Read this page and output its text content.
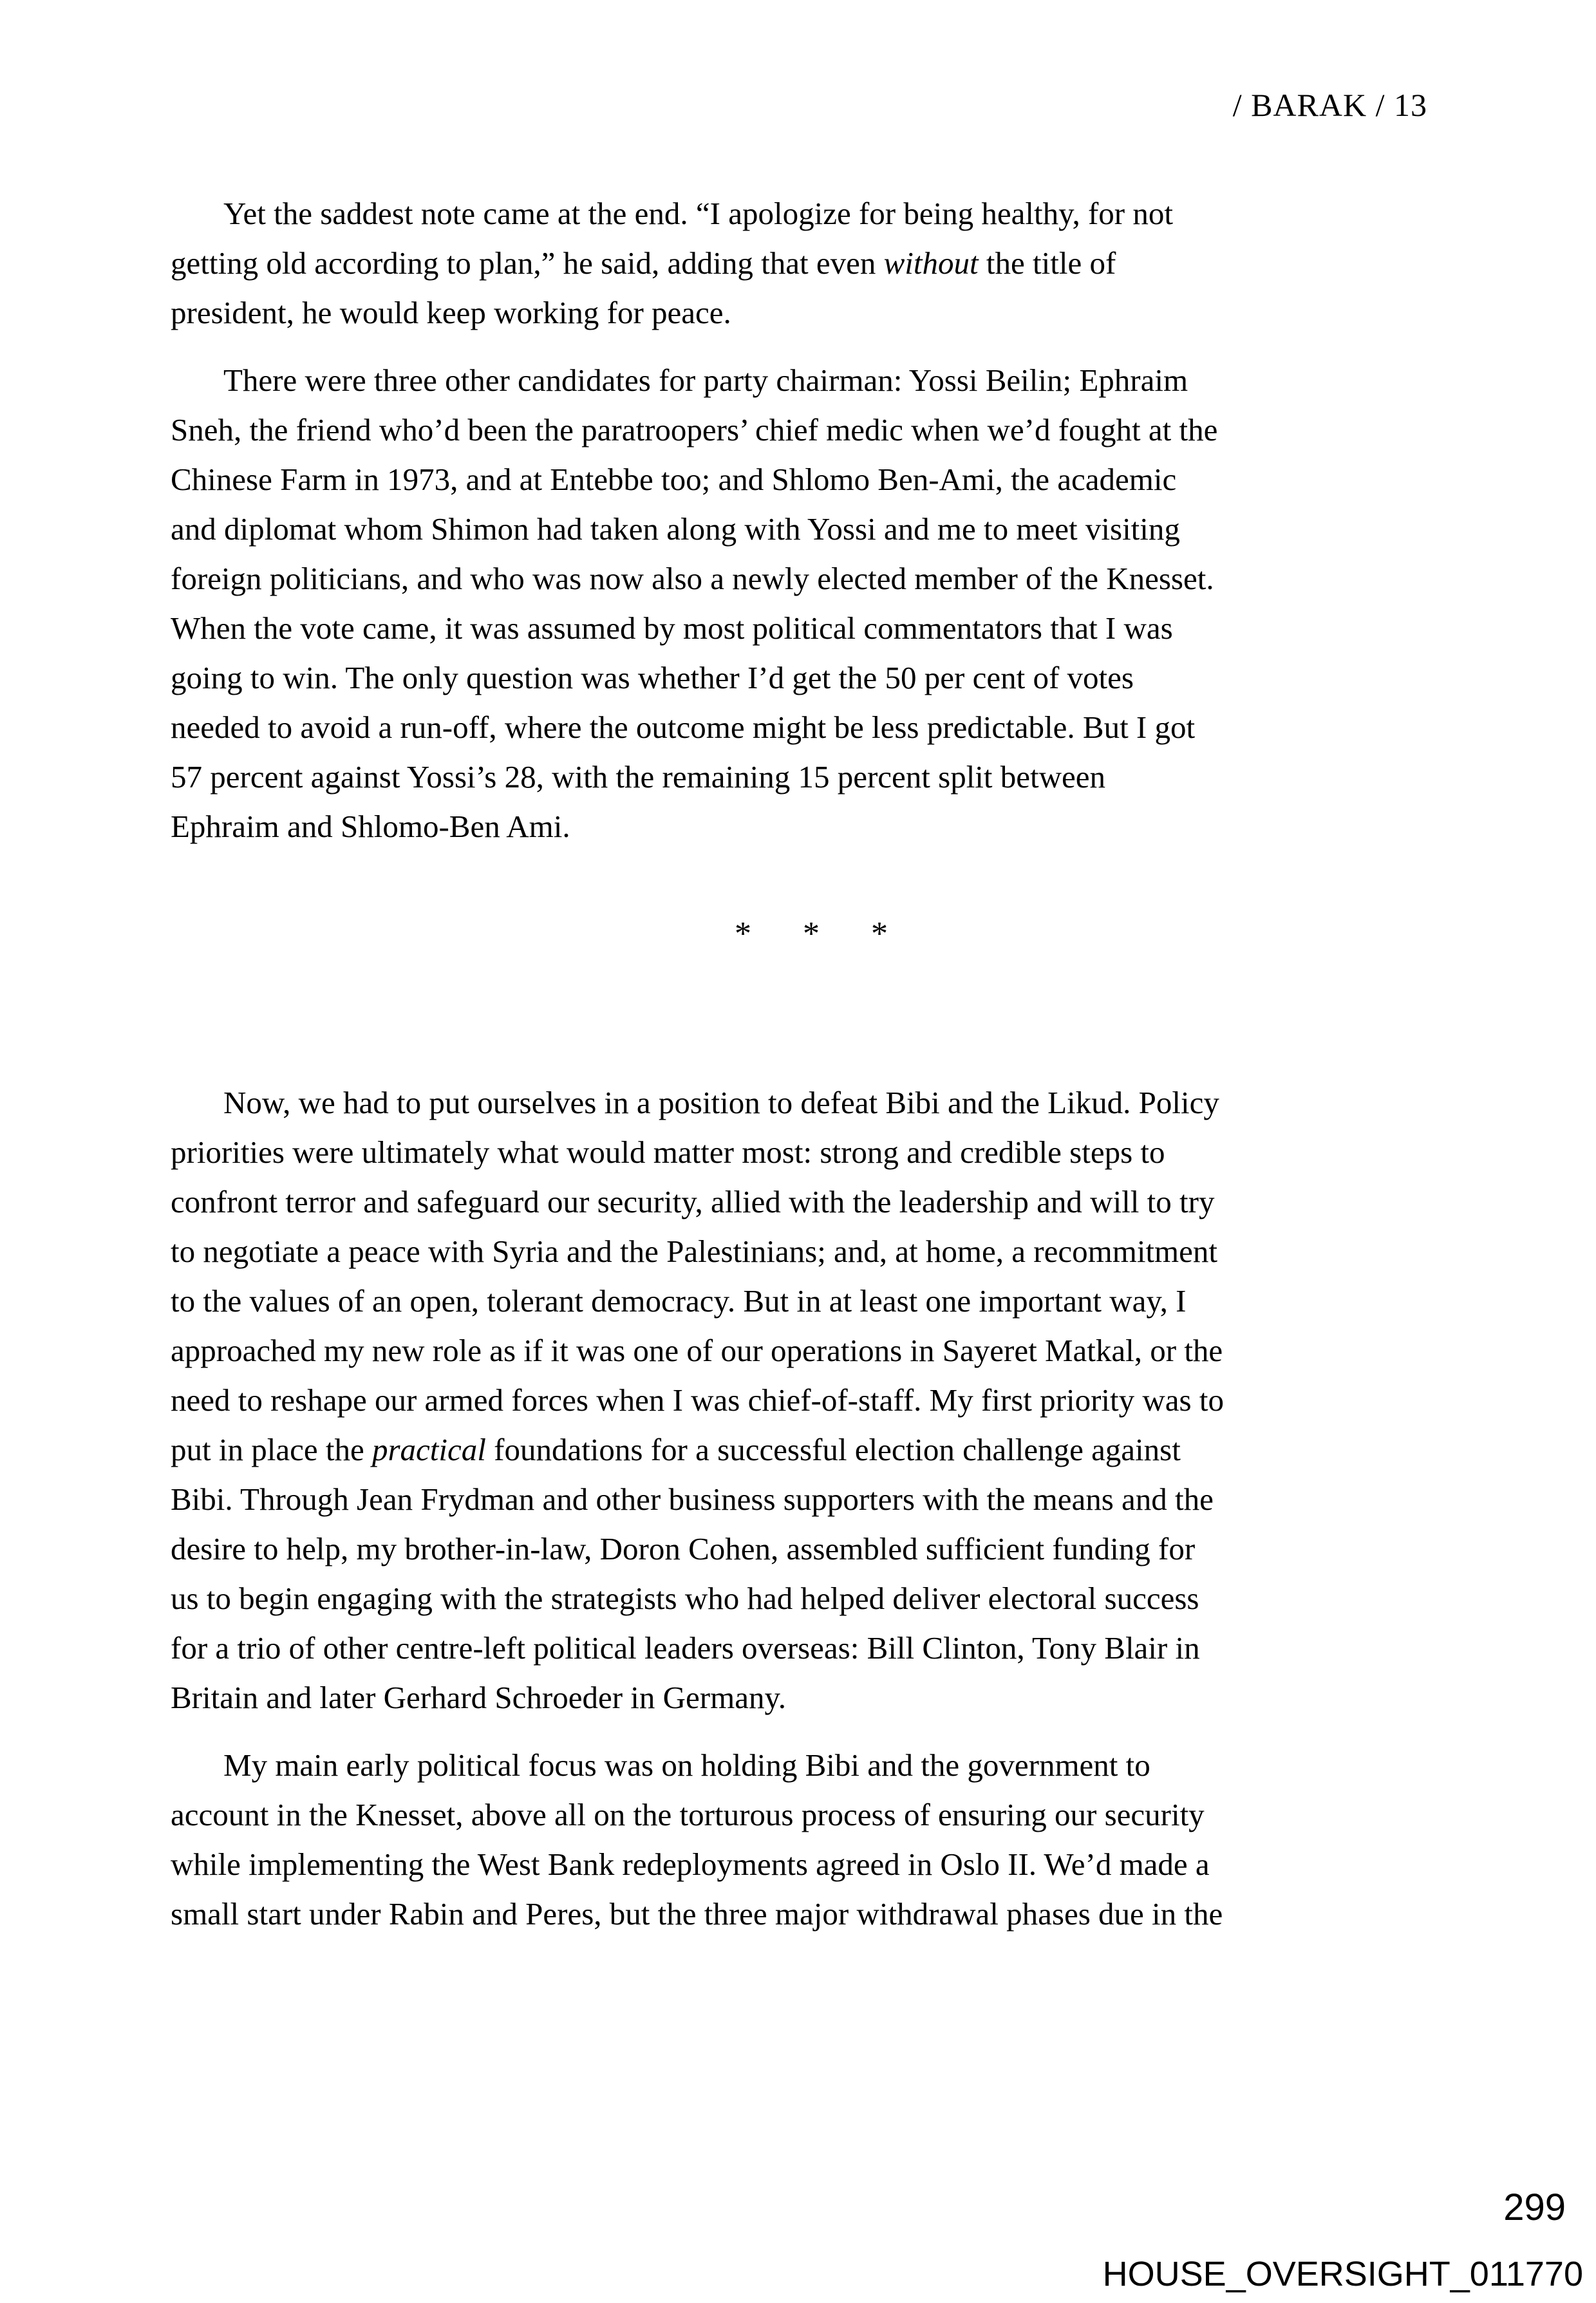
/ BARAK / 13

Yet the saddest note came at the end. “I apologize for being healthy, for not
getting old according to plan,” he said, adding that even without the title of
president, he would keep working for peace.

There were three other candidates for party chairman: Yossi Beilin; Ephraim
Sneh, the friend who’d been the paratroopers’ chief medic when we’d fought at the
Chinese Farm in 1973, and at Entebbe too; and Shlomo Ben-Ami, the academic
and diplomat whom Shimon had taken along with Yossi and me to meet visiting
foreign politicians, and who was now also a newly elected member of the Knesset.
When the vote came, it was assumed by most political commentators that I was
going to win. The only question was whether I’d get the 50 per cent of votes
needed to avoid a run-off, where the outcome might be less predictable. But I got
57 percent against Yossi’s 28, with the remaining 15 percent split between
Ephraim and Shlomo-Ben Ami.

* * *

Now, we had to put ourselves in a position to defeat Bibi and the Likud. Policy
priorities were ultimately what would matter most: strong and credible steps to
confront terror and safeguard our security, allied with the leadership and will to try
to negotiate a peace with Syria and the Palestinians; and, at home, a recommitment
to the values of an open, tolerant democracy. But in at least one important way, I
approached my new role as if it was one of our operations in Sayeret Matkal, or the
need to reshape our armed forces when I was chief-of-staff. My first priority was to
put in place the practical foundations for a successful election challenge against
Bibi. Through Jean Frydman and other business supporters with the means and the
desire to help, my brother-in-law, Doron Cohen, assembled sufficient funding for
us to begin engaging with the strategists who had helped deliver electoral success
for a trio of other centre-left political leaders overseas: Bill Clinton, Tony Blair in
Britain and later Gerhard Schroeder in Germany.

My main early political focus was on holding Bibi and the government to
account in the Knesset, above all on the torturous process of ensuring our security
while implementing the West Bank redeployments agreed in Oslo II. We’d made a
small start under Rabin and Peres, but the three major withdrawal phases due in the

299
HOUSE_OVERSIGHT_011770
